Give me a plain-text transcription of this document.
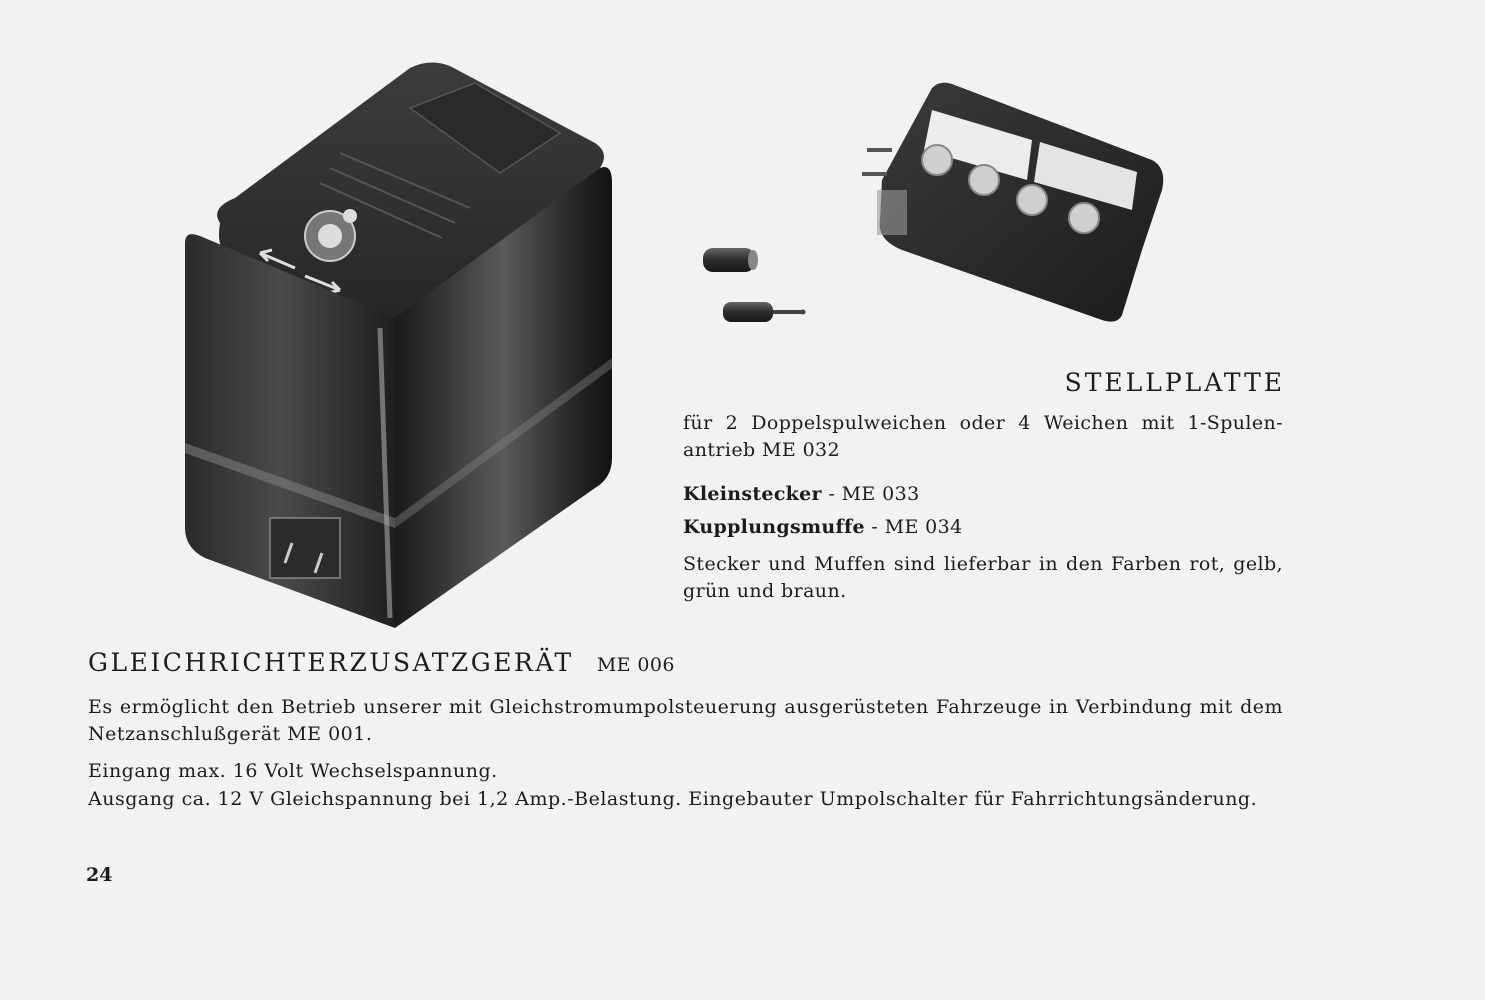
STELLPLATTE
für 2 Doppelspulweichen oder 4 Weichen mit 1-Spulen-antrieb ME 032
Kleinstecker - ME 033
Kupplungsmuffe - ME 034
Stecker und Muffen sind lieferbar in den Farben rot, gelb, grün und braun.
GLEICHRICHTERZUSATZGERÄT ME 006
Es ermöglicht den Betrieb unserer mit Gleichstromumpolsteuerung ausgerüsteten Fahrzeuge in Verbindung mit dem Netzanschlußgerät ME 001.
Eingang max. 16 Volt Wechselspannung.
Ausgang ca. 12 V Gleichspannung bei 1,2 Amp.-Belastung. Eingebauter Umpolschalter für Fahrrichtungsänderung.
24
